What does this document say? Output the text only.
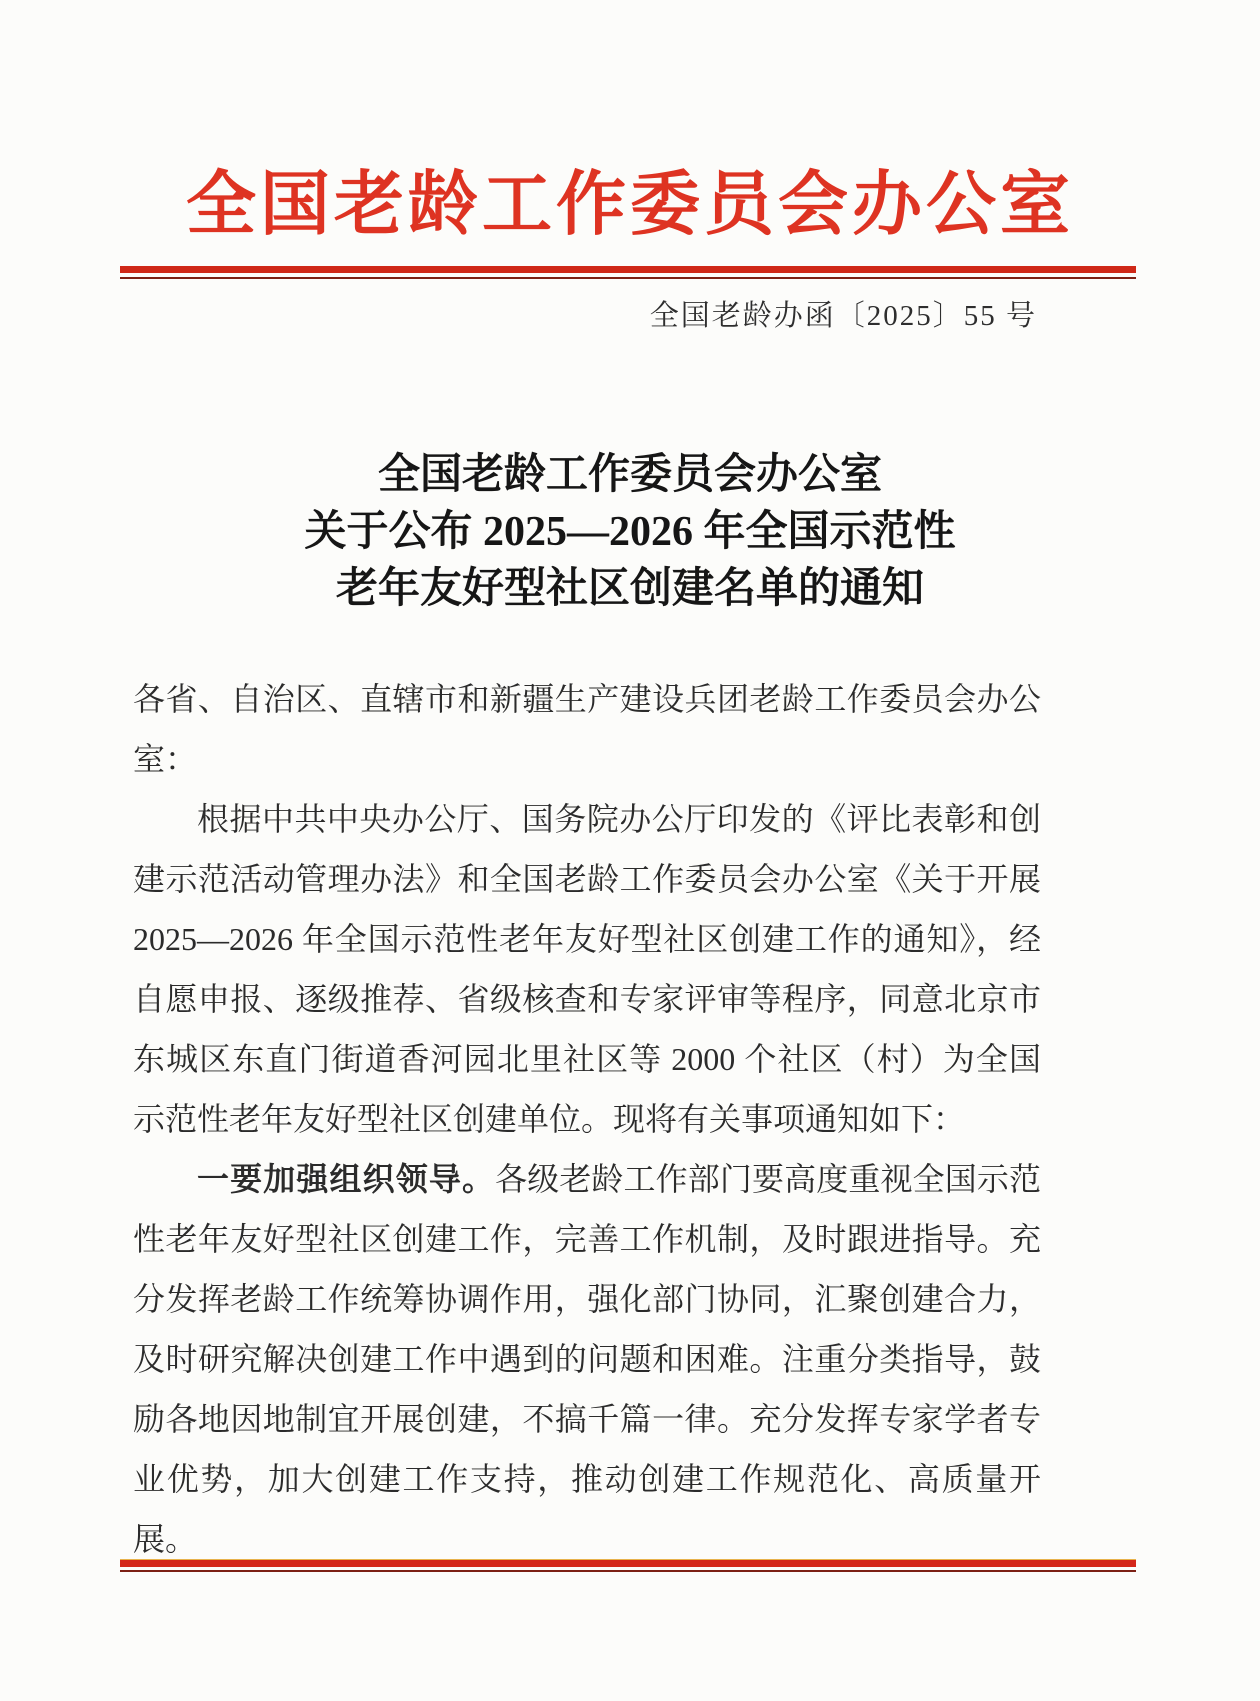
全国老龄工作委员会办公室
全国老龄办函〔2025〕55 号
全国老龄工作委员会办公室
关于公布 2025—2026 年全国示范性
老年友好型社区创建名单的通知

各省、自治区、直辖市和新疆生产建设兵团老龄工作委员会办公室：

根据中共中央办公厅、国务院办公厅印发的《评比表彰和创建示范活动管理办法》和全国老龄工作委员会办公室《关于开展 2025—2026 年全国示范性老年友好型社区创建工作的通知》，经自愿申报、逐级推荐、省级核查和专家评审等程序，同意北京市东城区东直门街道香河园北里社区等 2000 个社区（村）为全国示范性老年友好型社区创建单位。现将有关事项通知如下：

一要加强组织领导。各级老龄工作部门要高度重视全国示范性老年友好型社区创建工作，完善工作机制，及时跟进指导。充分发挥老龄工作统筹协调作用，强化部门协同，汇聚创建合力，及时研究解决创建工作中遇到的问题和困难。注重分类指导，鼓励各地因地制宜开展创建，不搞千篇一律。充分发挥专家学者专业优势，加大创建工作支持，推动创建工作规范化、高质量开展。
